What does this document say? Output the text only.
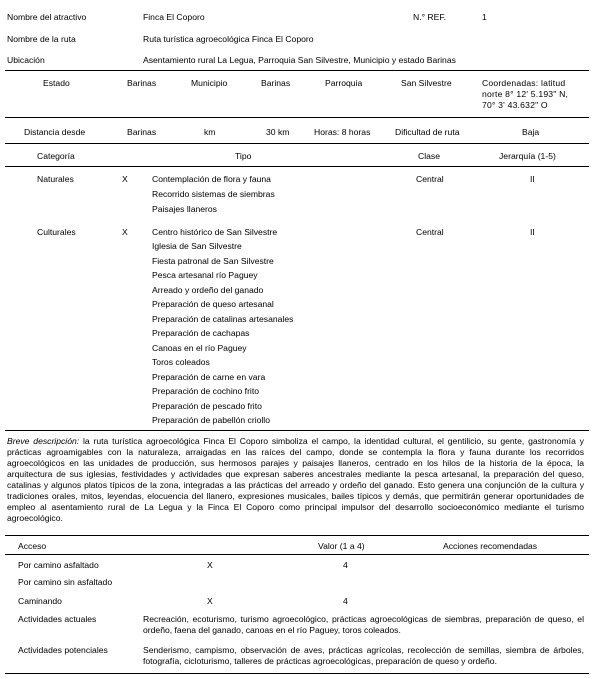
Nombre del atractivo	Finca El Coporo	N.° REF.	1
Nombre de la ruta	Ruta turística agroecológica Finca El Coporo
Ubicación	Asentamiento rural La Legua, Parroquia San Silvestre, Municipio y estado Barinas
Estado	Barinas	Municipio	Barinas	Parroquia	San Silvestre	Coordenadas: latitud
norte 8° 12' 5.193" N,
70° 3' 43.632" O
Distancia desde	Barinas	km	30 km	Horas: 8 horas	Dificultad de ruta	Baja
Categoría	Tipo	Clase	Jerarquía (1-5)
Naturales	X	Contemplación de flora y fauna
Recorrido sistemas de siembras
Paisajes llaneros
Central	II
Culturales	X	Centro histórico de San Silvestre
Iglesia de San Silvestre
Fiesta patronal de San Silvestre
Pesca artesanal río Paguey
Arreado y ordeño del ganado
Preparación de queso artesanal
Preparación de catalinas artesanales
Preparación de cachapas
Canoas en el río Paguey
Toros coleados
Preparación de carne en vara
Preparación de cochino frito
Preparación de pescado frito
Preparación de pabellón criollo
Central	II
Breve descripción: la ruta turística agroecológica Finca El Coporo simboliza el campo, la identidad cultural, el gentilicio, su gente, gastronomía y prácticas agroamigables con la naturaleza, arraigadas en las raíces del campo, donde se contempla la flora y fauna durante los recorridos agroecológicos en las unidades de producción, sus hermosos parajes y paisajes llaneros, centrado en los hilos de la historia de la época, la arquitectura de sus iglesias, festividades y actividades que expresan saberes ancestrales mediante la pesca artesanal, la preparación del queso, catalinas y algunos platos típicos de la zona, integradas a las prácticas del arreado y ordeño del ganado. Esto genera una conjunción de la cultura y tradiciones orales, mitos, leyendas, elocuencia del llanero, expresiones musicales, bailes típicos y demás, que permitirán generar oportunidades de empleo al asentamiento rural de La Legua y la Finca El Coporo como principal impulsor del desarrollo socioeconómico mediante el turismo agroecológico.
Acceso	Valor (1 a 4)	Acciones recomendadas
Por camino asfaltado	X	4
Por camino sin asfaltado
Caminando	X	4
Actividades actuales	Recreación, ecoturismo, turismo agroecológico, prácticas agroecológicas de siembras, preparación de queso, el ordeño, faena del ganado, canoas en el río Paguey, toros coleados.
Actividades potenciales	Senderismo, campismo, observación de aves, prácticas agrícolas, recolección de semillas, siembra de árboles, fotografía, cicloturismo, talleres de prácticas agroecológicas, preparación de queso y ordeño.
